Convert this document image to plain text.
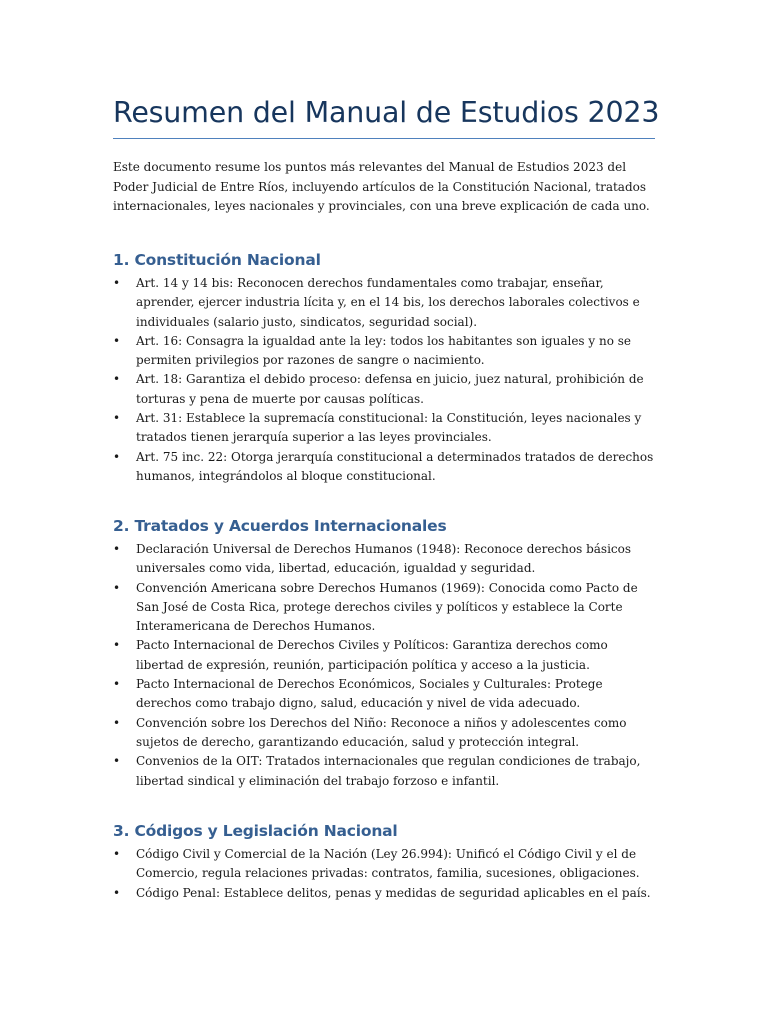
Resumen del Manual de Estudios 2023

Este documento resume los puntos más relevantes del Manual de Estudios 2023 del Poder Judicial de Entre Ríos, incluyendo artículos de la Constitución Nacional, tratados internacionales, leyes nacionales y provinciales, con una breve explicación de cada uno.

1. Constitución Nacional
• Art. 14 y 14 bis: Reconocen derechos fundamentales como trabajar, enseñar, aprender, ejercer industria lícita y, en el 14 bis, los derechos laborales colectivos e individuales (salario justo, sindicatos, seguridad social).
• Art. 16: Consagra la igualdad ante la ley: todos los habitantes son iguales y no se permiten privilegios por razones de sangre o nacimiento.
• Art. 18: Garantiza el debido proceso: defensa en juicio, juez natural, prohibición de torturas y pena de muerte por causas políticas.
• Art. 31: Establece la supremacía constitucional: la Constitución, leyes nacionales y tratados tienen jerarquía superior a las leyes provinciales.
• Art. 75 inc. 22: Otorga jerarquía constitucional a determinados tratados de derechos humanos, integrándolos al bloque constitucional.
2. Tratados y Acuerdos Internacionales
• Declaración Universal de Derechos Humanos (1948): Reconoce derechos básicos universales como vida, libertad, educación, igualdad y seguridad.
• Convención Americana sobre Derechos Humanos (1969): Conocida como Pacto de San José de Costa Rica, protege derechos civiles y políticos y establece la Corte Interamericana de Derechos Humanos.
• Pacto Internacional de Derechos Civiles y Políticos: Garantiza derechos como libertad de expresión, reunión, participación política y acceso a la justicia.
• Pacto Internacional de Derechos Económicos, Sociales y Culturales: Protege derechos como trabajo digno, salud, educación y nivel de vida adecuado.
• Convención sobre los Derechos del Niño: Reconoce a niños y adolescentes como sujetos de derecho, garantizando educación, salud y protección integral.
• Convenios de la OIT: Tratados internacionales que regulan condiciones de trabajo, libertad sindical y eliminación del trabajo forzoso e infantil.
3. Códigos y Legislación Nacional
• Código Civil y Comercial de la Nación (Ley 26.994): Unificó el Código Civil y el de Comercio, regula relaciones privadas: contratos, familia, sucesiones, obligaciones.
• Código Penal: Establece delitos, penas y medidas de seguridad aplicables en el país.
